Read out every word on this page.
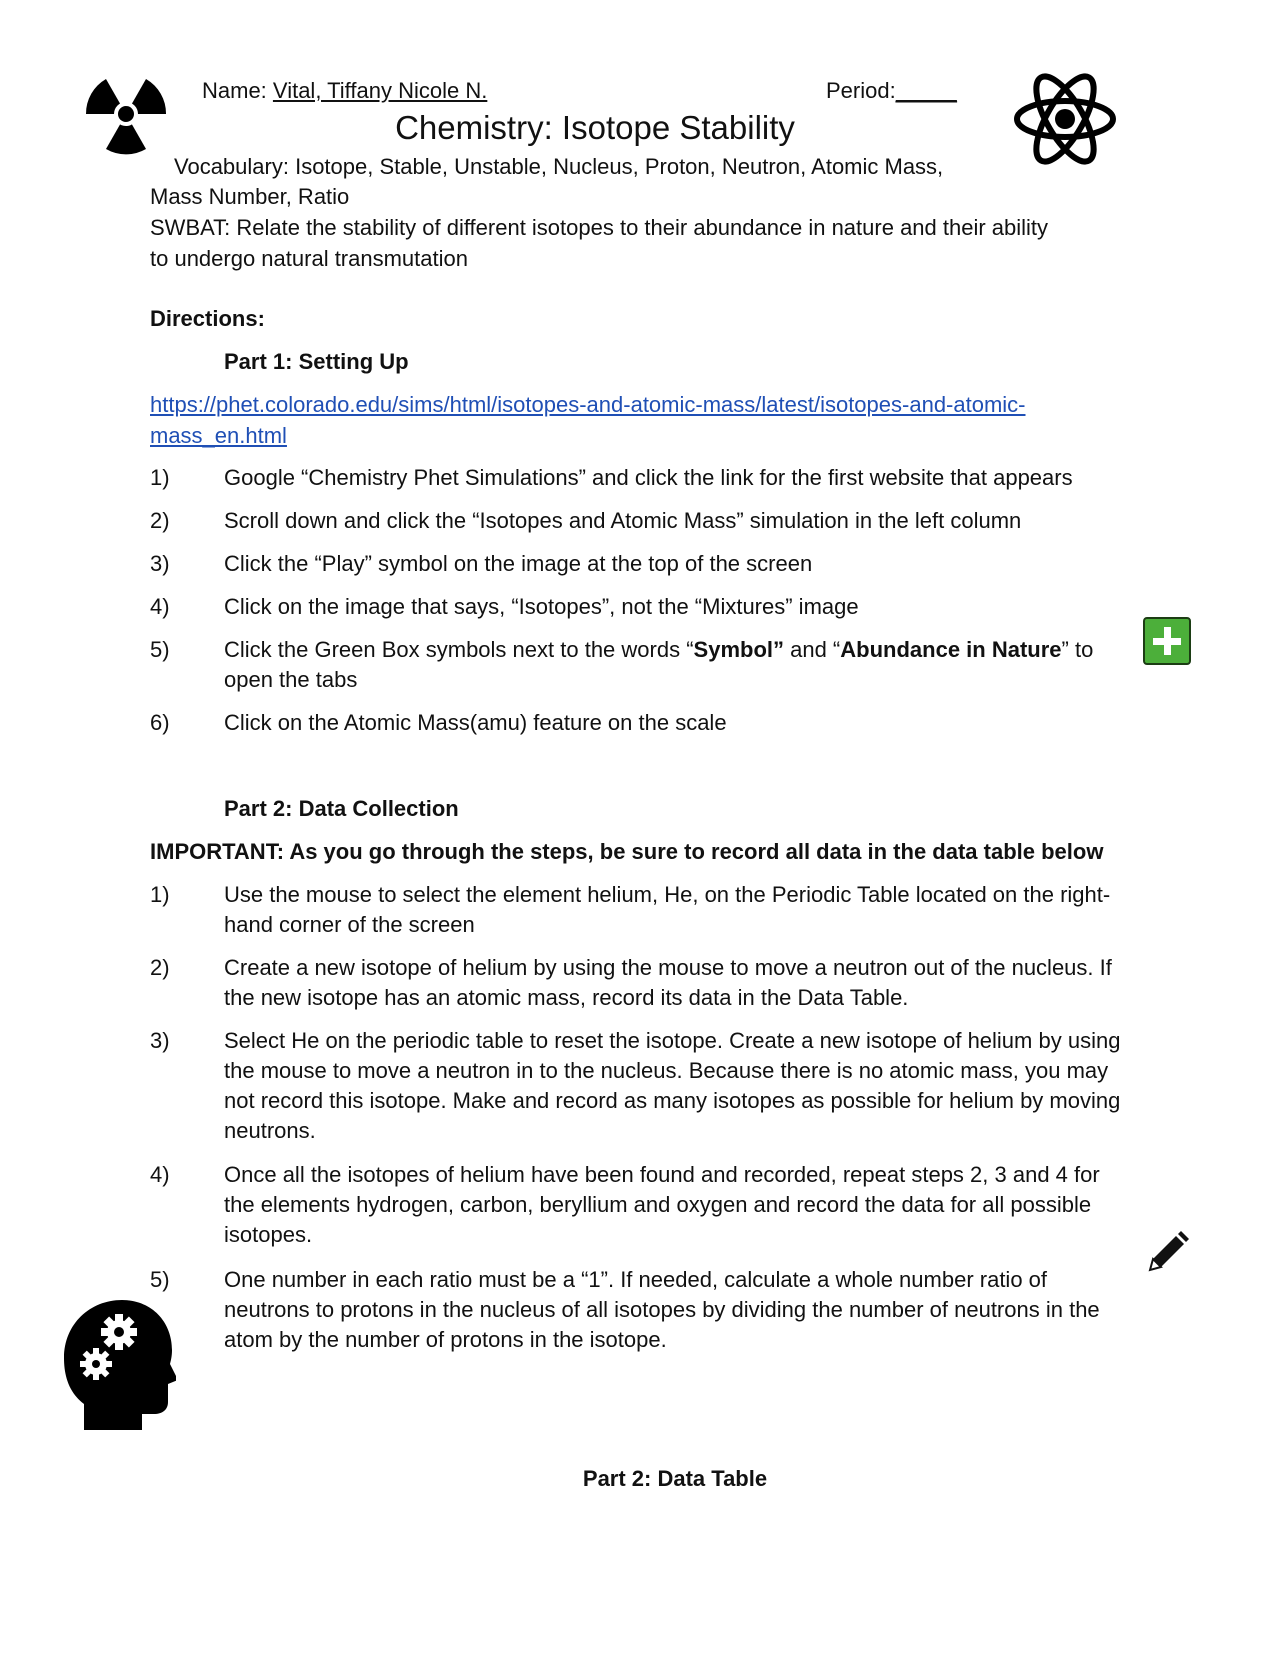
Name: Vital, Tiffany Nicole N.	Period:_____
Chemistry: Isotope Stability
Vocabulary: Isotope, Stable, Unstable, Nucleus, Proton, Neutron, Atomic Mass,
Mass Number, Ratio
SWBAT: Relate the stability of different isotopes to their abundance in nature and their ability
to undergo natural transmutation
Directions:
Part 1: Setting Up
https://phet.colorado.edu/sims/html/isotopes-and-atomic-mass/latest/isotopes-and-atomic-
mass_en.html
1) Google “Chemistry Phet Simulations” and click the link for the first website that appears
2) Scroll down and click the “Isotopes and Atomic Mass” simulation in the left column
3) Click the “Play” symbol on the image at the top of the screen
4) Click on the image that says, “Isotopes”, not the “Mixtures” image
5) Click the Green Box symbols next to the words “Symbol” and “Abundance in Nature” to open the tabs
6) Click on the Atomic Mass(amu) feature on the scale
Part 2: Data Collection
IMPORTANT: As you go through the steps, be sure to record all data in the data table below
1) Use the mouse to select the element helium, He, on the Periodic Table located on the right-hand corner of the screen
2) Create a new isotope of helium by using the mouse to move a neutron out of the nucleus. If the new isotope has an atomic mass, record its data in the Data Table.
3) Select He on the periodic table to reset the isotope. Create a new isotope of helium by using the mouse to move a neutron in to the nucleus. Because there is no atomic mass, you may not record this isotope. Make and record as many isotopes as possible for helium by moving neutrons.
4) Once all the isotopes of helium have been found and recorded, repeat steps 2, 3 and 4 for the elements hydrogen, carbon, beryllium and oxygen and record the data for all possible isotopes.
5) One number in each ratio must be a “1”. If needed, calculate a whole number ratio of neutrons to protons in the nucleus of all isotopes by dividing the number of neutrons in the atom by the number of protons in the isotope.
Part 2: Data Table
